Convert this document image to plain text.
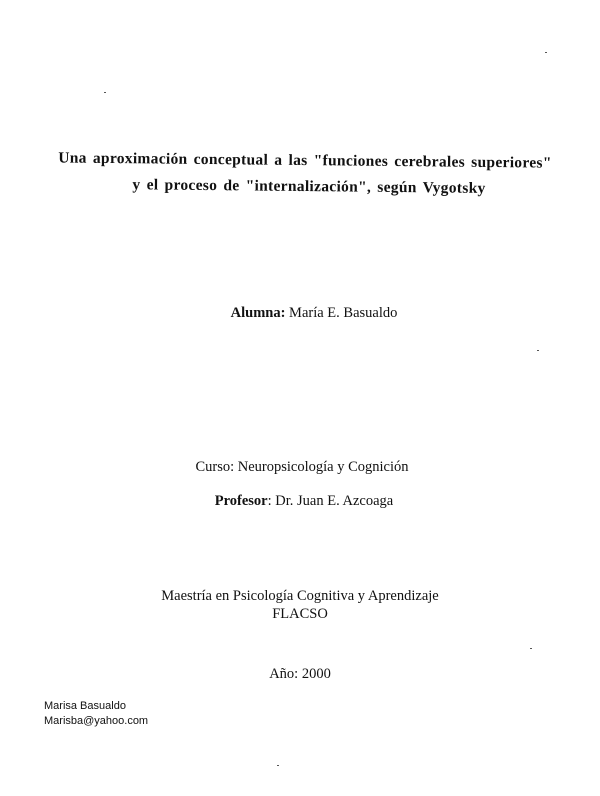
Una aproximación conceptual a las "funciones cerebrales superiores"
y el proceso de "internalización", según Vygotsky
Alumna: María E. Basualdo
Curso: Neuropsicología y Cognición
Profesor: Dr. Juan E. Azcoaga
Maestría en Psicología Cognitiva y Aprendizaje
FLACSO
Año: 2000
Marisa Basualdo
Marisba@yahoo.com
